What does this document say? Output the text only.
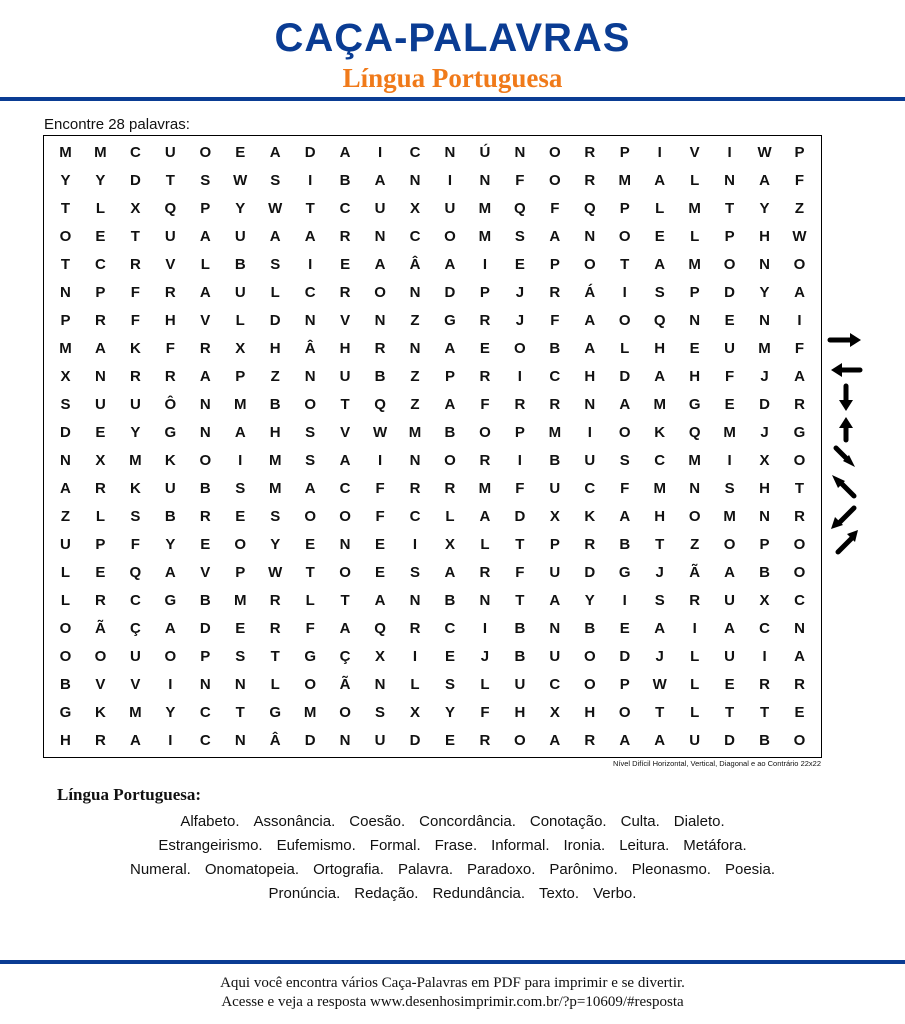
CAÇA-PALAVRAS
Língua Portuguesa
Encontre 28 palavras:
M	M	C	U	O	E	A	D	A	I	C	N	Ú	N	O	R	P	I	V	I	W	P
Y	Y	D	T	S	W	S	I	B	A	N	I	N	F	O	R	M	A	L	N	A	F
T	L	X	Q	P	Y	W	T	C	U	X	U	M	Q	F	Q	P	L	M	T	Y	Z
O	E	T	U	A	U	A	A	R	N	C	O	M	S	A	N	O	E	L	P	H	W
T	C	R	V	L	B	S	I	E	A	Â	A	I	E	P	O	T	A	M	O	N	O
N	P	F	R	A	U	L	C	R	O	N	D	P	J	R	Á	I	S	P	D	Y	A
P	R	F	H	V	L	D	N	V	N	Z	G	R	J	F	A	O	Q	N	E	N	I
M	A	K	F	R	X	H	Â	H	R	N	A	E	O	B	A	L	H	E	U	M	F
X	N	R	R	A	P	Z	N	U	B	Z	P	R	I	C	H	D	A	H	F	J	A
S	U	U	Ô	N	M	B	O	T	Q	Z	A	F	R	R	N	A	M	G	E	D	R
D	E	Y	G	N	A	H	S	V	W	M	B	O	P	M	I	O	K	Q	M	J	G
N	X	M	K	O	I	M	S	A	I	N	O	R	I	B	U	S	C	M	I	X	O
A	R	K	U	B	S	M	A	C	F	R	R	M	F	U	C	F	M	N	S	H	T
Z	L	S	B	R	E	S	O	O	F	C	L	A	D	X	K	A	H	O	M	N	R
U	P	F	Y	E	O	Y	E	N	E	I	X	L	T	P	R	B	T	Z	O	P	O
L	E	Q	A	V	P	W	T	O	E	S	A	R	F	U	D	G	J	Ã	A	B	O
L	R	C	G	B	M	R	L	T	A	N	B	N	T	A	Y	I	S	R	U	X	C
O	Ã	Ç	A	D	E	R	F	A	Q	R	C	I	B	N	B	E	A	I	A	C	N
O	O	U	O	P	S	T	G	Ç	X	I	E	J	B	U	O	D	J	L	U	I	A
B	V	V	I	N	N	L	O	Ã	N	L	S	L	U	C	O	P	W	L	E	R	R
G	K	M	Y	C	T	G	M	O	S	X	Y	F	H	X	H	O	T	L	T	T	E
H	R	A	I	C	N	Â	D	N	U	D	E	R	O	A	R	A	A	U	D	B	O
Nível Difícil Horizontal, Vertical, Diagonal e ao Contrário 22x22
Língua Portuguesa:
Alfabeto. Assonância. Coesão. Concordância. Conotação. Culta. Dialeto.
Estrangeirismo. Eufemismo. Formal. Frase. Informal. Ironia. Leitura. Metáfora.
Numeral. Onomatopeia. Ortografia. Palavra. Paradoxo. Parônimo. Pleonasmo. Poesia.
Pronúncia. Redação. Redundância. Texto. Verbo.
Aqui você encontra vários Caça-Palavras em PDF para imprimir e se divertir.
Acesse e veja a resposta www.desenhosimprimir.com.br/?p=10609/#resposta
